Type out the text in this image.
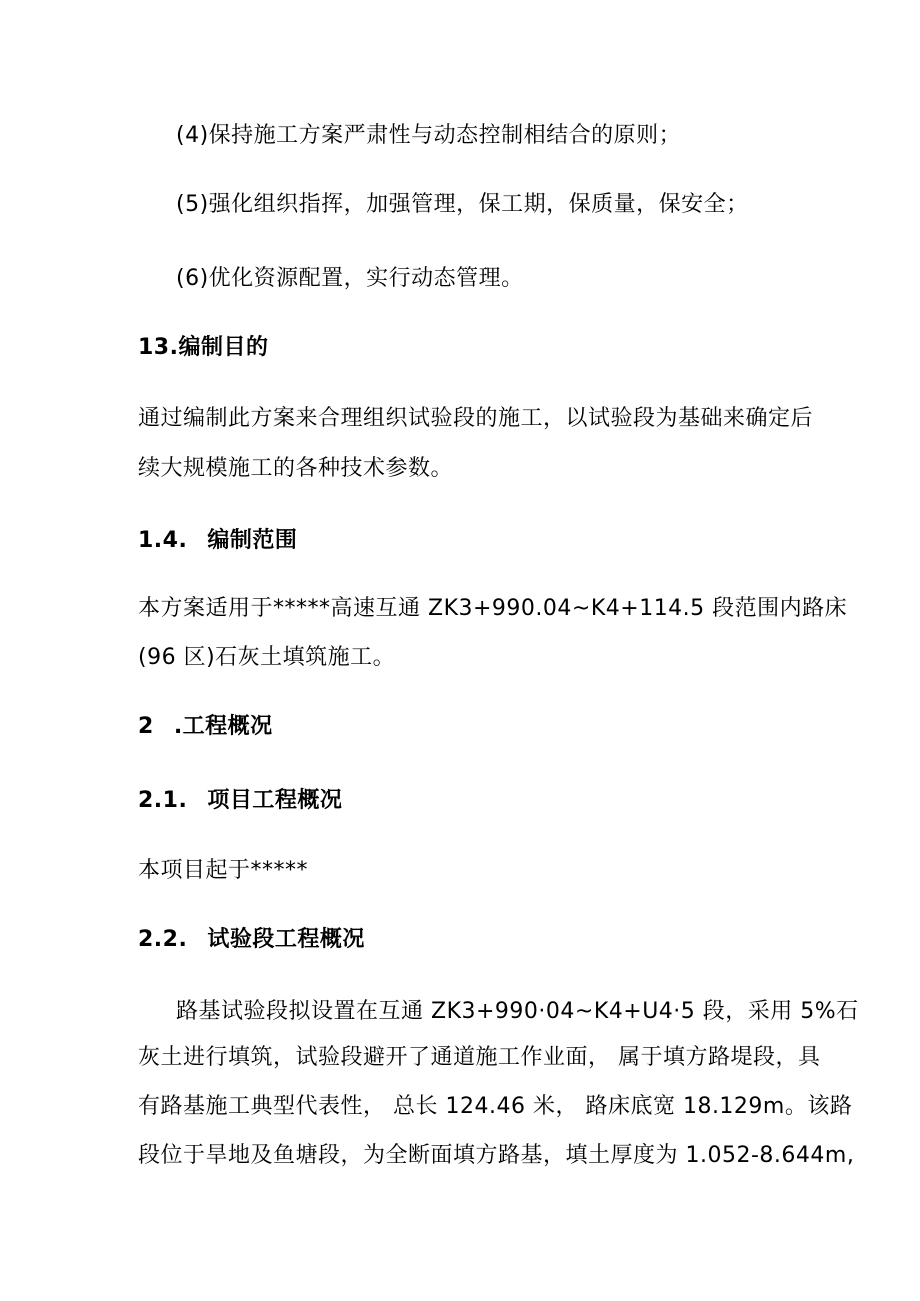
(4)保持施工方案严肃性与动态控制相结合的原则；
(5)强化组织指挥，加强管理，保工期，保质量，保安全；
(6)优化资源配置，实行动态管理。
13.编制目的
通过编制此方案来合理组织试验段的施工，以试验段为基础来确定后
续大规模施工的各种技术参数。
1.4. 编制范围
本方案适用于*****高速互通 ZK3+990.04~K4+114.5 段范围内路床
(96 区)石灰土填筑施工。
2 .工程概况
2.1. 项目工程概况
本项目起于*****
2.2. 试验段工程概况
路基试验段拟设置在互通 ZK3+990·04~K4+U4·5 段，采用 5%石
灰土进行填筑，试验段避开了通道施工作业面， 属于填方路堤段，具
有路基施工典型代表性， 总长 124.46 米， 路床底宽 18.129m。该路
段位于旱地及鱼塘段，为全断面填方路基，填土厚度为 1.052-8.644m,
